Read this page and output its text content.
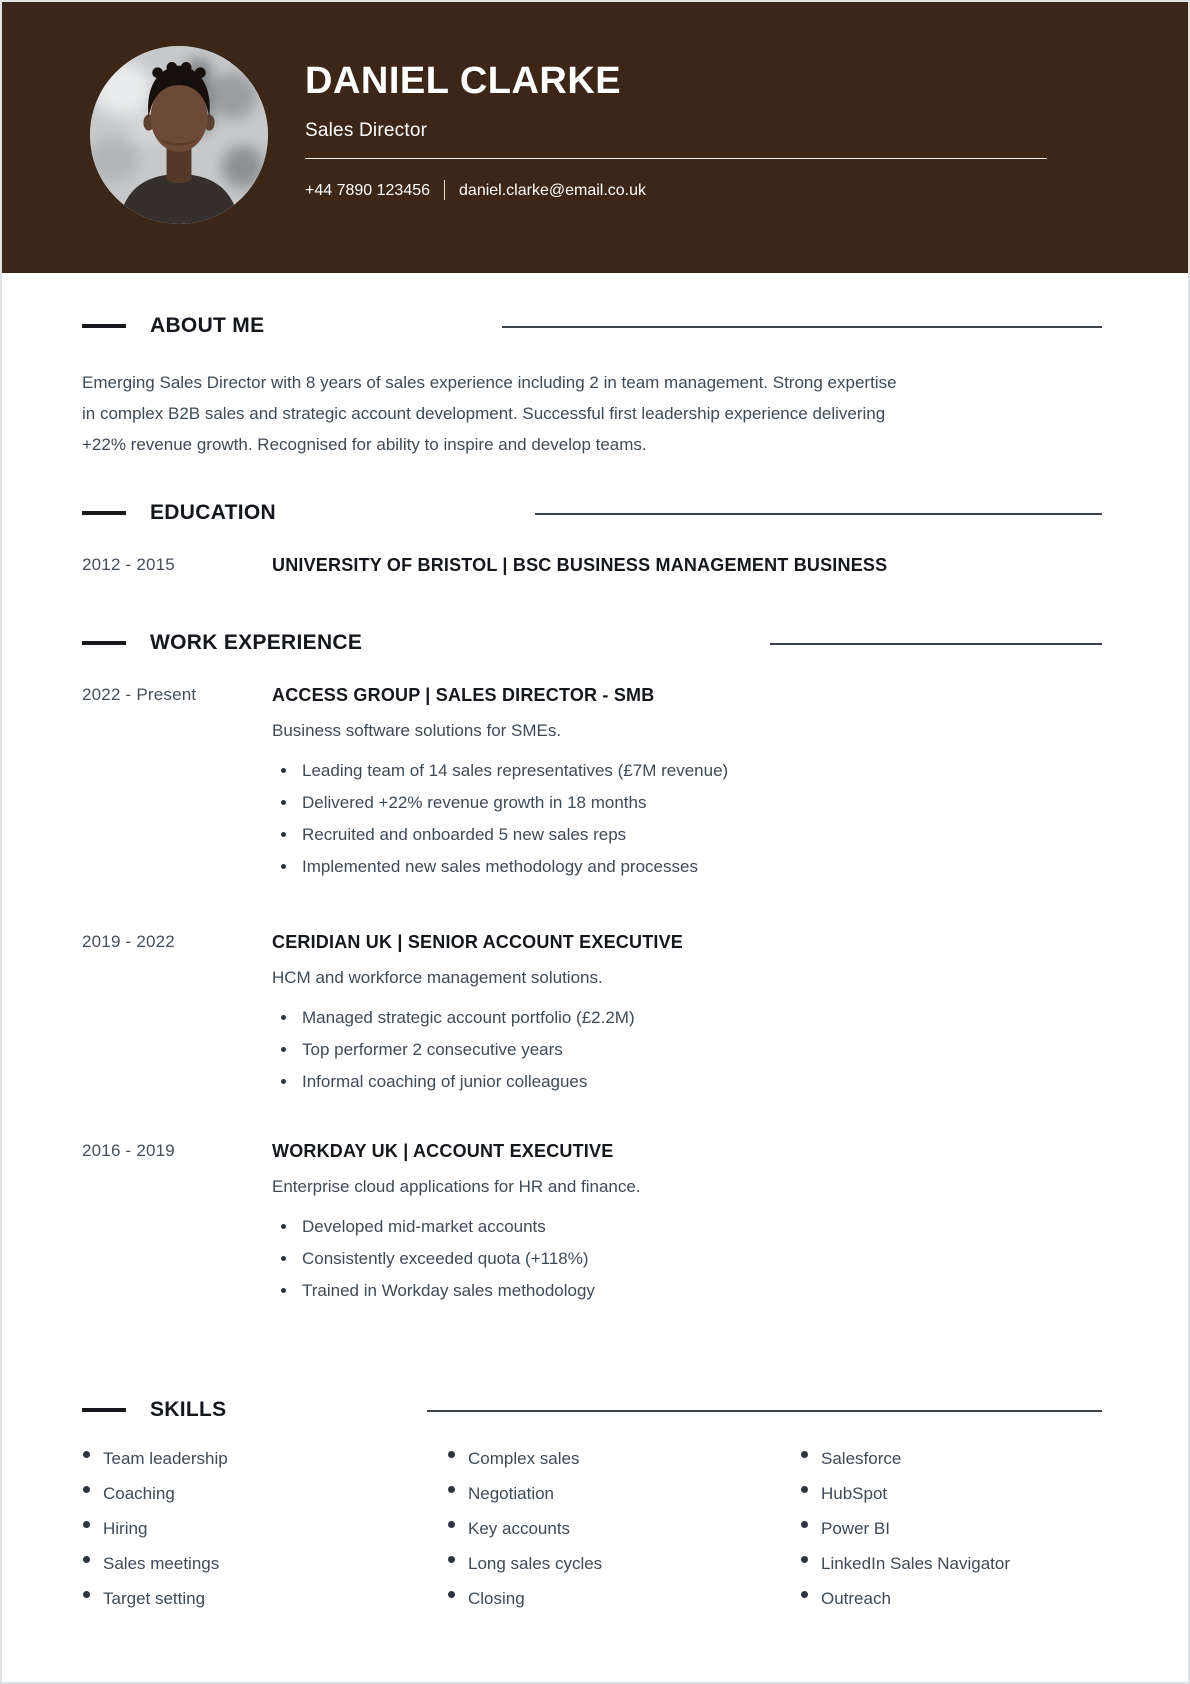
DANIEL CLARKE
Sales Director
+44 7890 123456 daniel.clarke@email.co.uk
ABOUT ME

Emerging Sales Director with 8 years of sales experience including 2 in team management. Strong expertise
in complex B2B sales and strategic account development. Successful first leadership experience delivering
+22% revenue growth. Recognised for ability to inspire and develop teams.

EDUCATION
2012 - 2015	UNIVERSITY OF BRISTOL | BSC BUSINESS MANAGEMENT BUSINESS
WORK EXPERIENCE
2022 - Present	ACCESS GROUP | SALES DIRECTOR - SMB

Business software solutions for SMEs.

Leading team of 14 sales representatives (£7M revenue)
Delivered +22% revenue growth in 18 months
Recruited and onboarded 5 new sales reps
Implemented new sales methodology and processes
2019 - 2022	CERIDIAN UK | SENIOR ACCOUNT EXECUTIVE

HCM and workforce management solutions.

Managed strategic account portfolio (£2.2M)
Top performer 2 consecutive years
Informal coaching of junior colleagues
2016 - 2019	WORKDAY UK | ACCOUNT EXECUTIVE

Enterprise cloud applications for HR and finance.

Developed mid-market accounts
Consistently exceeded quota (+118%)
Trained in Workday sales methodology
SKILLS
Team leadership	Complex sales	Salesforce
Coaching	Negotiation	HubSpot
Hiring	Key accounts	Power BI
Sales meetings	Long sales cycles	LinkedIn Sales Navigator
Target setting	Closing	Outreach
